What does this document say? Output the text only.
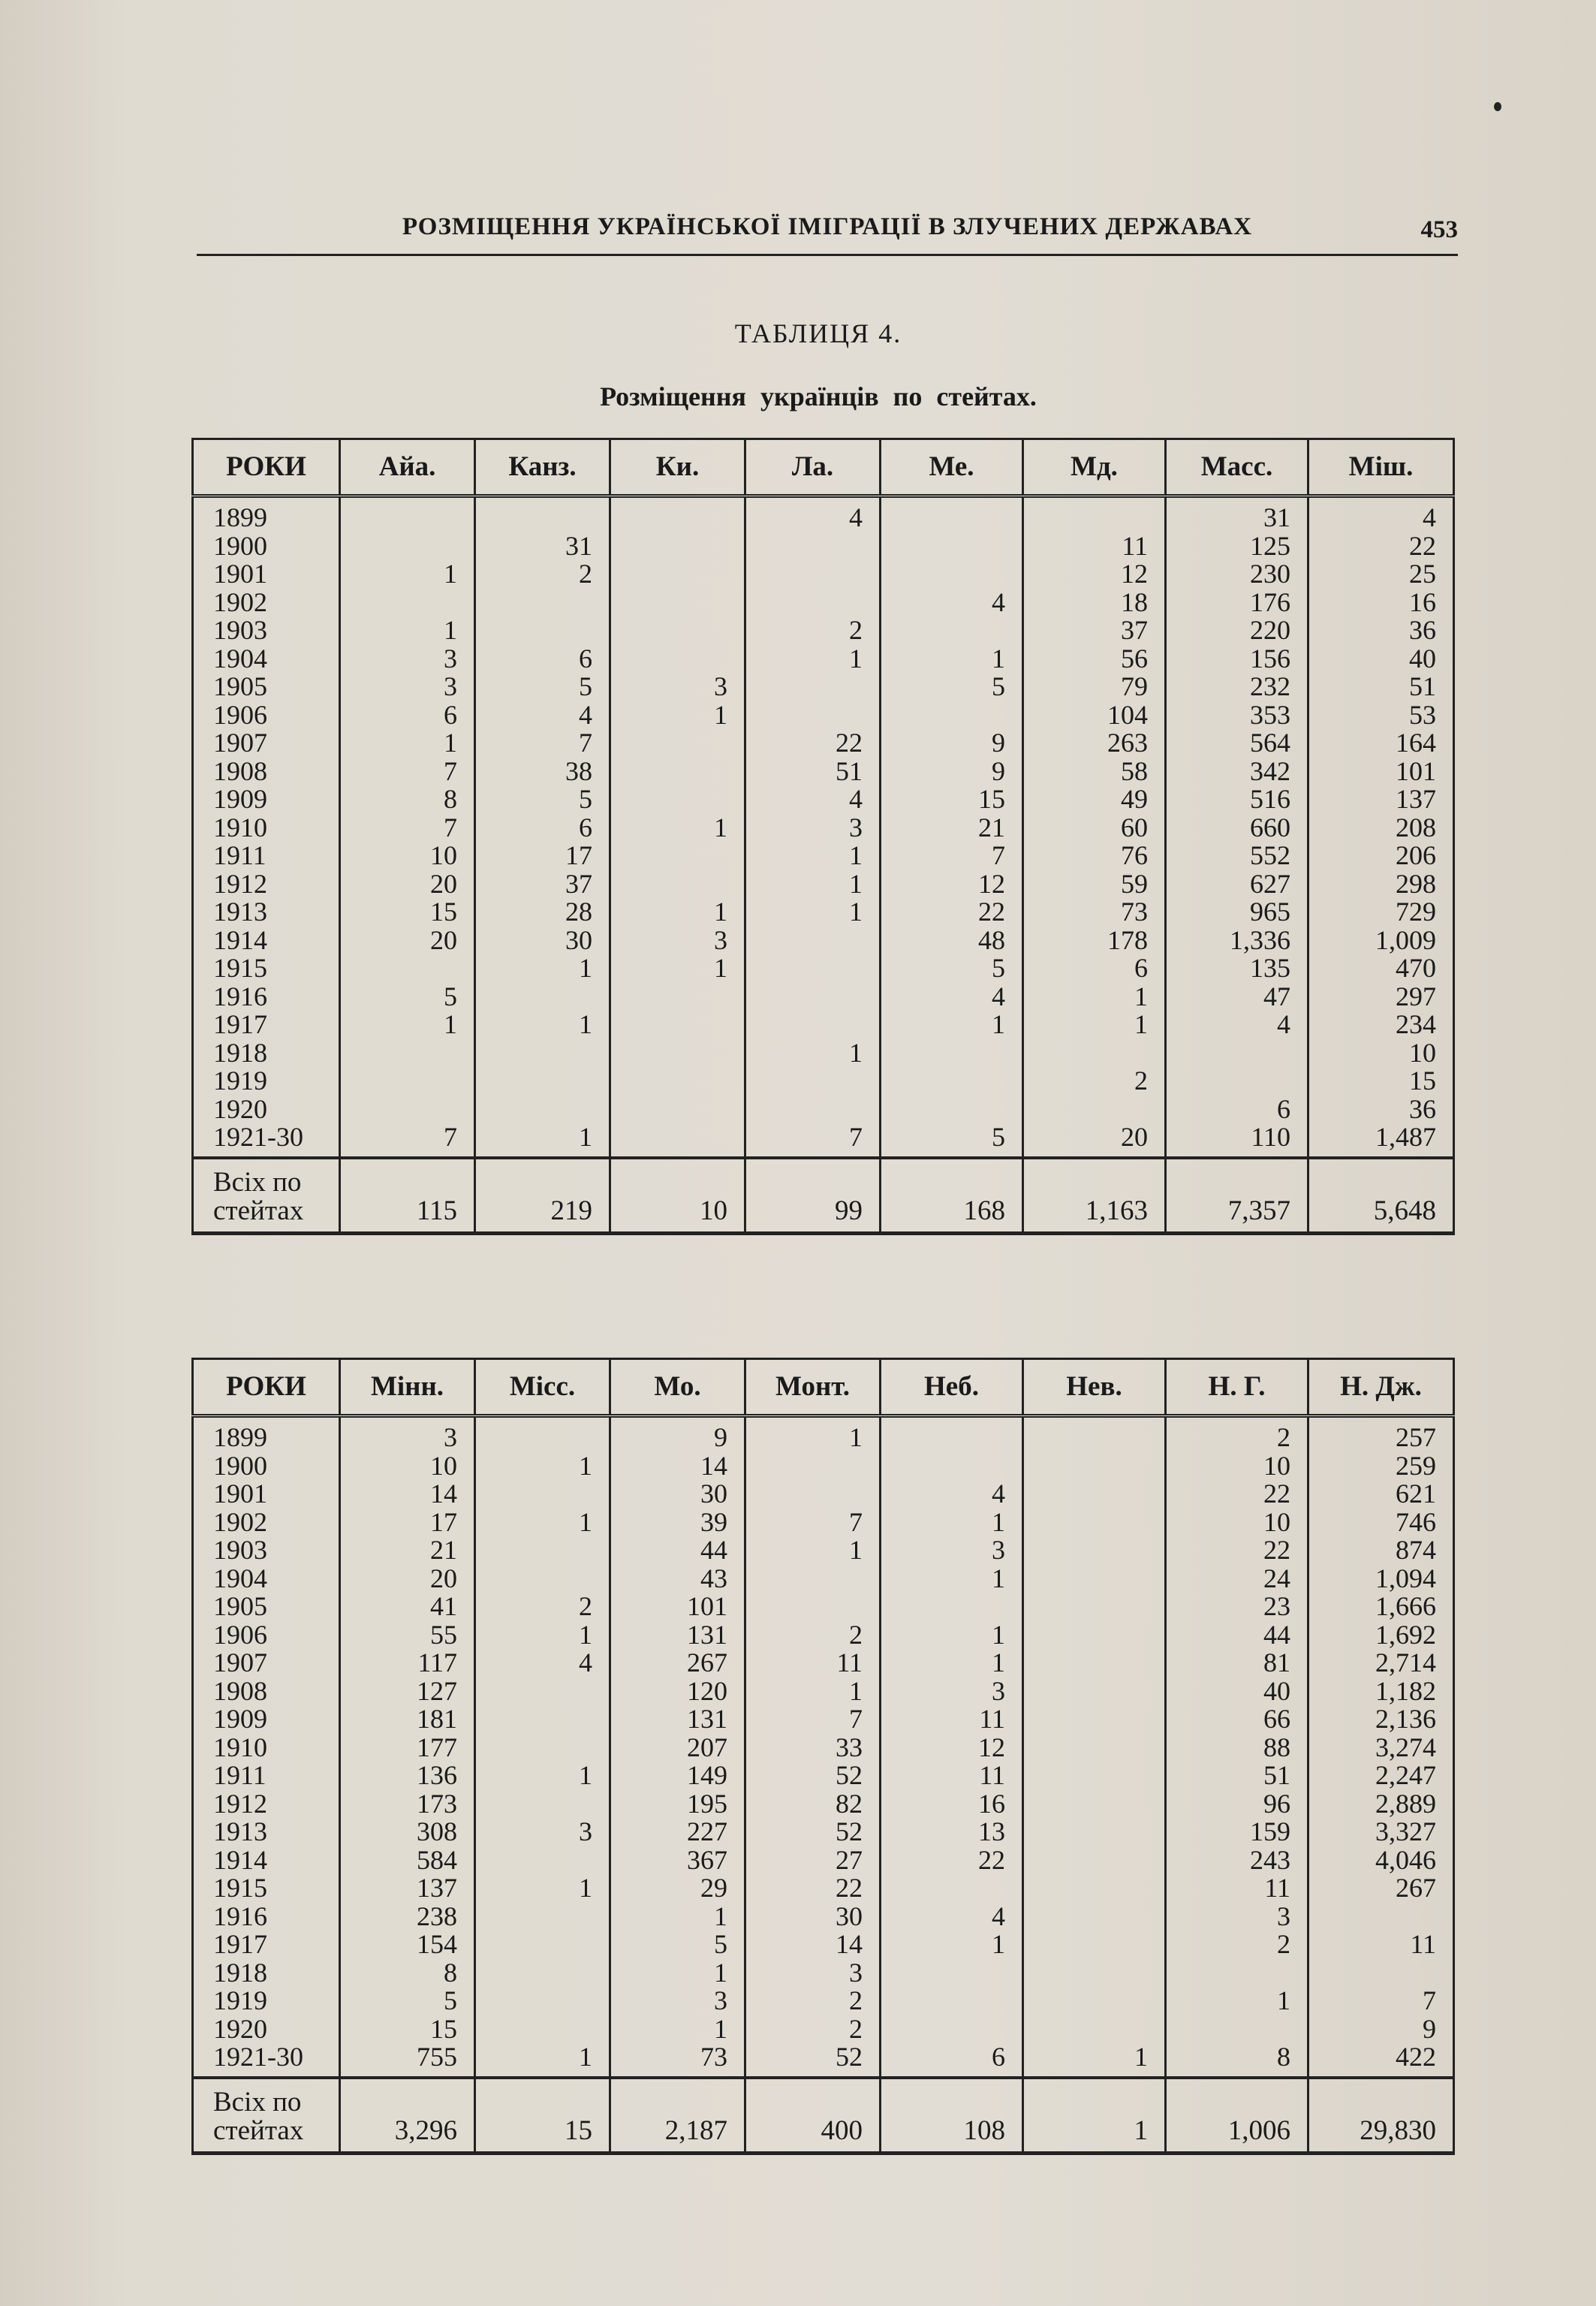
РОЗМІЩЕННЯ УКРАЇНСЬКОЇ ІМІГРАЦІЇ В ЗЛУЧЕНИХ ДЕРЖАВАХ	453
ТАБЛИЦЯ 4.
Розміщення українців по стейтах.
РОКИ	Айа.	Канз.	Ки.	Ла.	Ме.	Мд.	Масс.	Міш.
1899				4			31	4
1900		31				11	125	22
1901	1	2				12	230	25
1902					4	18	176	16
1903	1			2		37	220	36
1904	3	6		1	1	56	156	40
1905	3	5	3		5	79	232	51
1906	6	4	1			104	353	53
1907	1	7		22	9	263	564	164
1908	7	38		51	9	58	342	101
1909	8	5		4	15	49	516	137
1910	7	6	1	3	21	60	660	208
1911	10	17		1	7	76	552	206
1912	20	37		1	12	59	627	298
1913	15	28	1	1	22	73	965	729
1914	20	30	3		48	178	1,336	1,009
1915		1	1		5	6	135	470
1916	5				4	1	47	297
1917	1	1			1	1	4	234
1918				1				10
1919						2		15
1920							6	36
1921-30	7	1		7	5	20	110	1,487

Всіх по
стейтах	115	219	10	99	168	1,163	7,357	5,648
РОКИ	Мінн.	Місс.	Мо.	Монт.	Неб.	Нев.	Н. Г.	Н. Дж.
1899	3		9	1			2	257
1900	10	1	14				10	259
1901	14		30		4		22	621
1902	17	1	39	7	1		10	746
1903	21		44	1	3		22	874
1904	20		43		1		24	1,094
1905	41	2	101				23	1,666
1906	55	1	131	2	1		44	1,692
1907	117	4	267	11	1		81	2,714
1908	127		120	1	3		40	1,182
1909	181		131	7	11		66	2,136
1910	177		207	33	12		88	3,274
1911	136	1	149	52	11		51	2,247
1912	173		195	82	16		96	2,889
1913	308	3	227	52	13		159	3,327
1914	584		367	27	22		243	4,046
1915	137	1	29	22			11	267
1916	238		1	30	4		3	
1917	154		5	14	1		2	11
1918	8		1	3				
1919	5		3	2			1	7
1920	15		1	2				9
1921-30	755	1	73	52	6	1	8	422

Всіх по
стейтах	3,296	15	2,187	400	108	1	1,006	29,830
